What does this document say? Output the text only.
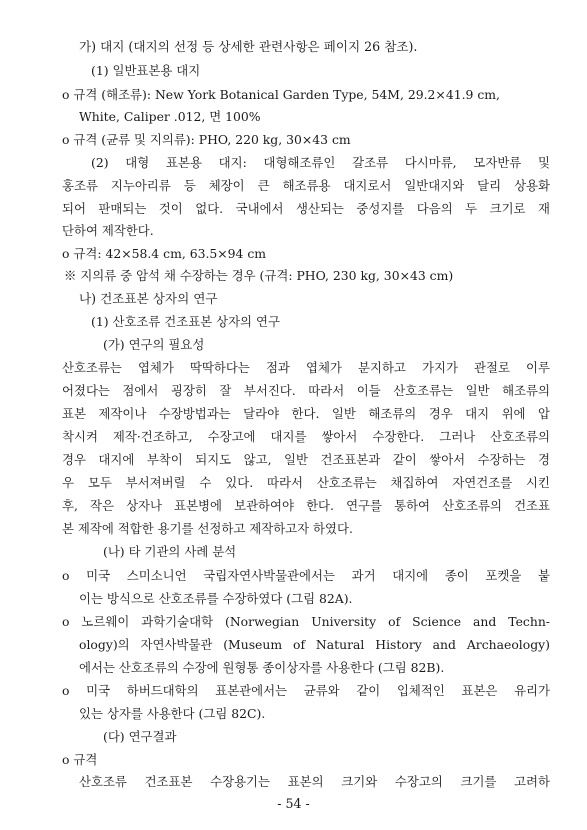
가) 대지 (대지의 선정 등 상세한 관련사항은 페이지 26 참조).
(1) 일반표본용 대지
o 규격 (해조류): New York Botanical Garden Type, 54M, 29.2×41.9 cm,
White, Caliper .012, 면 100%
o 규격 (균류 및 지의류): PHO, 220 kg, 30×43 cm
(2) 대형 표본용 대지: 대형해조류인 갈조류 다시마류, 모자반류 및
홍조류 지누아리류 등 체장이 큰 해조류용 대지로서 일반대지와 달리 상용화
되어 판매되는 것이 없다. 국내에서 생산되는 중성지를 다음의 두 크기로 재
단하여 제작한다.
o 규격: 42×58.4 cm, 63.5×94 cm
※ 지의류 중 암석 채 수장하는 경우 (규격: PHO, 230 kg, 30×43 cm)
나) 건조표본 상자의 연구
(1) 산호조류 건조표본 상자의 연구
(가) 연구의 필요성
산호조류는 엽체가 딱딱하다는 점과 엽체가 분지하고 가지가 관절로 이루
어졌다는 점에서 굉장히 잘 부서진다. 따라서 이들 산호조류는 일반 해조류의
표본 제작이나 수장방법과는 달라야 한다. 일반 해조류의 경우 대지 위에 압
착시켜 제작·건조하고, 수장고에 대지를 쌓아서 수장한다. 그러나 산호조류의
경우 대지에 부착이 되지도 않고, 일반 건조표본과 같이 쌓아서 수장하는 경
우 모두 부서져버릴 수 있다. 따라서 산호조류는 채집하여 자연건조를 시킨
후, 작은 상자나 표본병에 보관하여야 한다. 연구를 통하여 산호조류의 건조표
본 제작에 적합한 용기를 선정하고 제작하고자 하였다.
(나) 타 기관의 사례 분석
o 미국 스미소니언 국립자연사박물관에서는 과거 대지에 종이 포켓을 붙
이는 방식으로 산호조류를 수장하였다 (그림 82A).
o 노르웨이 과학기술대학 (Norwegian University of Science and Techn-
ology)의 자연사박물관 (Museum of Natural History and Archaeology)
에서는 산호조류의 수장에 원형통 종이상자를 사용한다 (그림 82B).
o 미국 하버드대학의 표본관에서는 균류와 같이 입체적인 표본은 유리가
있는 상자를 사용한다 (그림 82C).
(다) 연구결과
o 규격
산호조류 건조표본 수장용기는 표본의 크기와 수장고의 크기를 고려하
- 54 -
